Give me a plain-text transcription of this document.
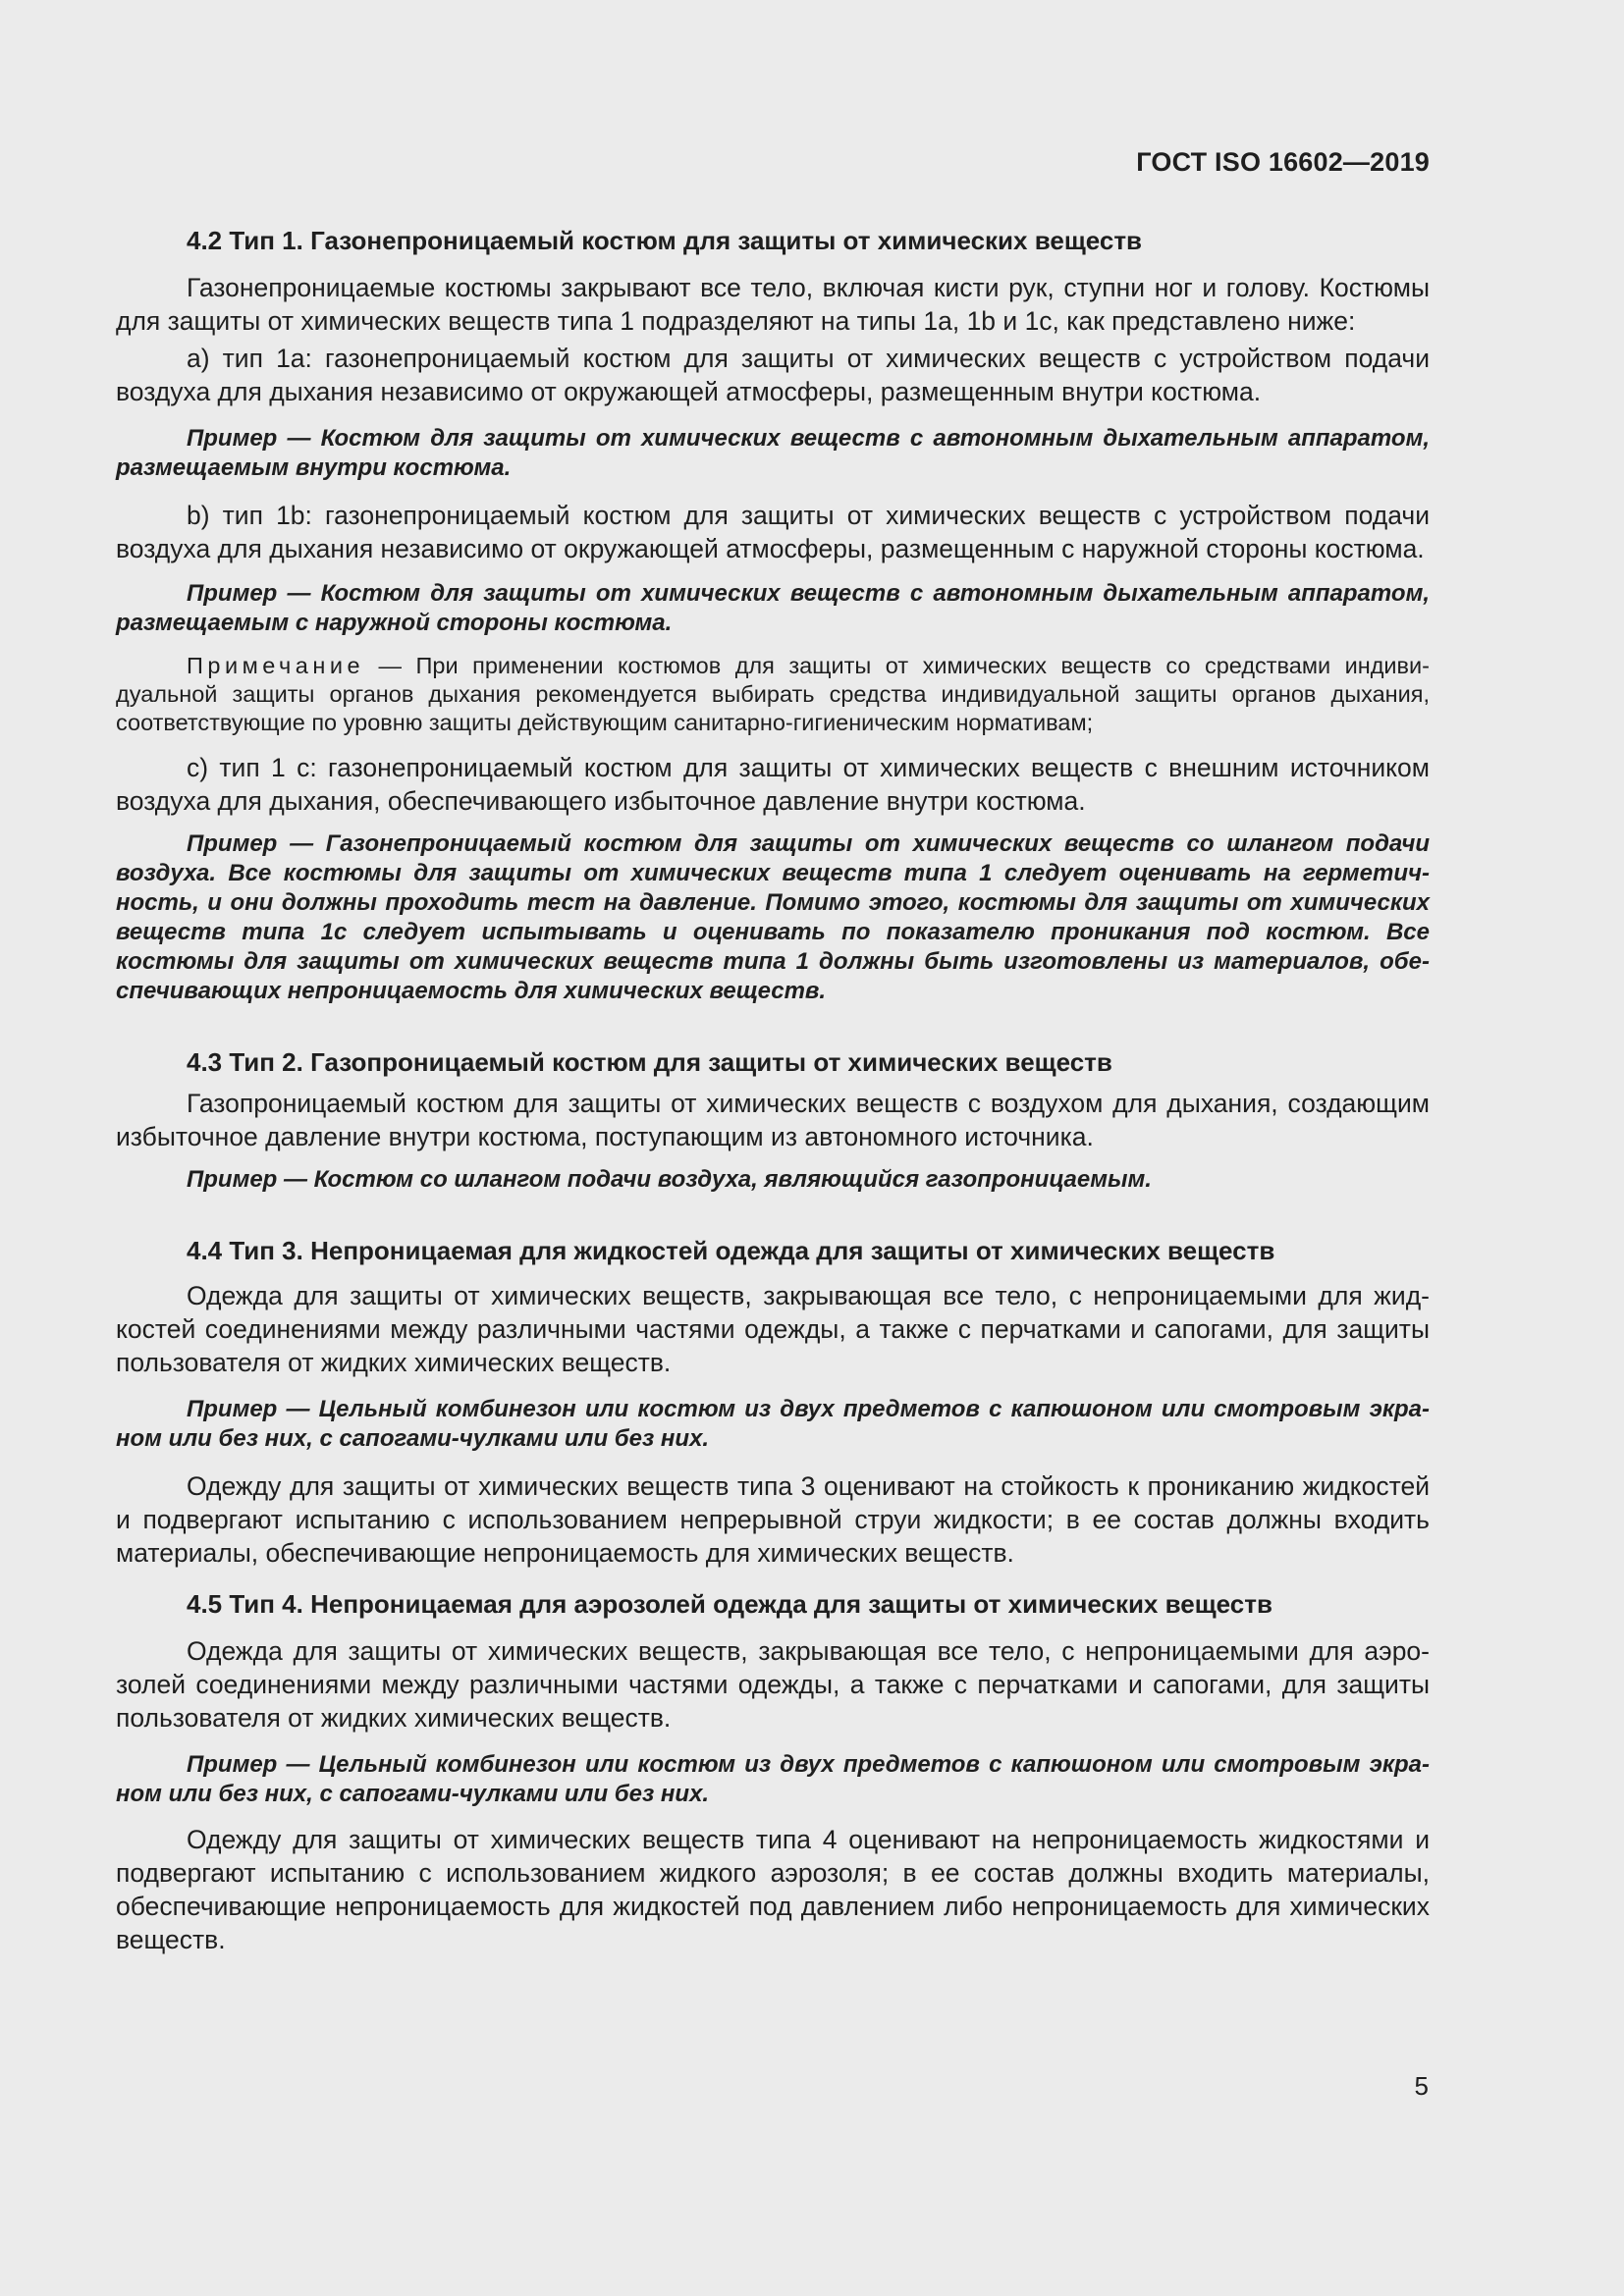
ГОСТ ISO 16602—2019
4.2 Тип 1. Газонепроницаемый костюм для защиты от химических веществ

Газонепроницаемые костюмы закрывают все тело, включая кисти рук, ступни ног и голову. Костюмы для защиты от химических веществ типа 1 подразделяют на типы 1a, 1b и 1c, как представлено ниже:

а) тип 1а: газонепроницаемый костюм для защиты от химических веществ с устройством подачи воздуха для дыхания независимо от окружающей атмосферы, размещенным внутри костюма.

Пример — Костюм для защиты от химических веществ с автономным дыхательным аппаратом, размещаемым внутри костюма.

b) тип 1b: газонепроницаемый костюм для защиты от химических веществ с устройством подачи воздуха для дыхания независимо от окружающей атмосферы, размещенным с наружной стороны костюма.

Пример — Костюм для защиты от химических веществ с автономным дыхательным аппаратом, размещаемым с наружной стороны костюма.

Примечание — При применении костюмов для защиты от химических веществ со средствами индивидуальной защиты органов дыхания рекомендуется выбирать средства индивидуальной защиты органов дыхания, соответствующие по уровню защиты действующим санитарно-гигиеническим нормативам;

с) тип 1 с: газонепроницаемый костюм для защиты от химических веществ с внешним источником воздуха для дыхания, обеспечивающего избыточное давление внутри костюма.

Пример — Газонепроницаемый костюм для защиты от химических веществ со шлангом подачи воздуха. Все костюмы для защиты от химических веществ типа 1 следует оценивать на герметичность, и они должны проходить тест на давление. Помимо этого, костюмы для защиты от химических веществ типа 1c следует испытывать и оценивать по показателю проникания под костюм. Все костюмы для защиты от химических веществ типа 1 должны быть изготовлены из материалов, обеспечивающих непроницаемость для химических веществ.

4.3 Тип 2. Газопроницаемый костюм для защиты от химических веществ

Газопроницаемый костюм для защиты от химических веществ с воздухом для дыхания, создающим избыточное давление внутри костюма, поступающим из автономного источника.

Пример — Костюм со шлангом подачи воздуха, являющийся газопроницаемым.

4.4 Тип 3. Непроницаемая для жидкостей одежда для защиты от химических веществ

Одежда для защиты от химических веществ, закрывающая все тело, с непроницаемыми для жидкостей соединениями между различными частями одежды, а также с перчатками и сапогами, для защиты пользователя от жидких химических веществ.

Пример — Цельный комбинезон или костюм из двух предметов с капюшоном или смотровым экраном или без них, с сапогами-чулками или без них.

Одежду для защиты от химических веществ типа 3 оценивают на стойкость к прониканию жидкостей и подвергают испытанию с использованием непрерывной струи жидкости; в ее состав должны входить материалы, обеспечивающие непроницаемость для химических веществ.

4.5 Тип 4. Непроницаемая для аэрозолей одежда для защиты от химических веществ

Одежда для защиты от химических веществ, закрывающая все тело, с непроницаемыми для аэрозолей соединениями между различными частями одежды, а также с перчатками и сапогами, для защиты пользователя от жидких химических веществ.

Пример — Цельный комбинезон или костюм из двух предметов с капюшоном или смотровым экраном или без них, с сапогами-чулками или без них.

Одежду для защиты от химических веществ типа 4 оценивают на непроницаемость жидкостями и подвергают испытанию с использованием жидкого аэрозоля; в ее состав должны входить материалы, обеспечивающие непроницаемость для жидкостей под давлением либо непроницаемость для химических веществ.

5
